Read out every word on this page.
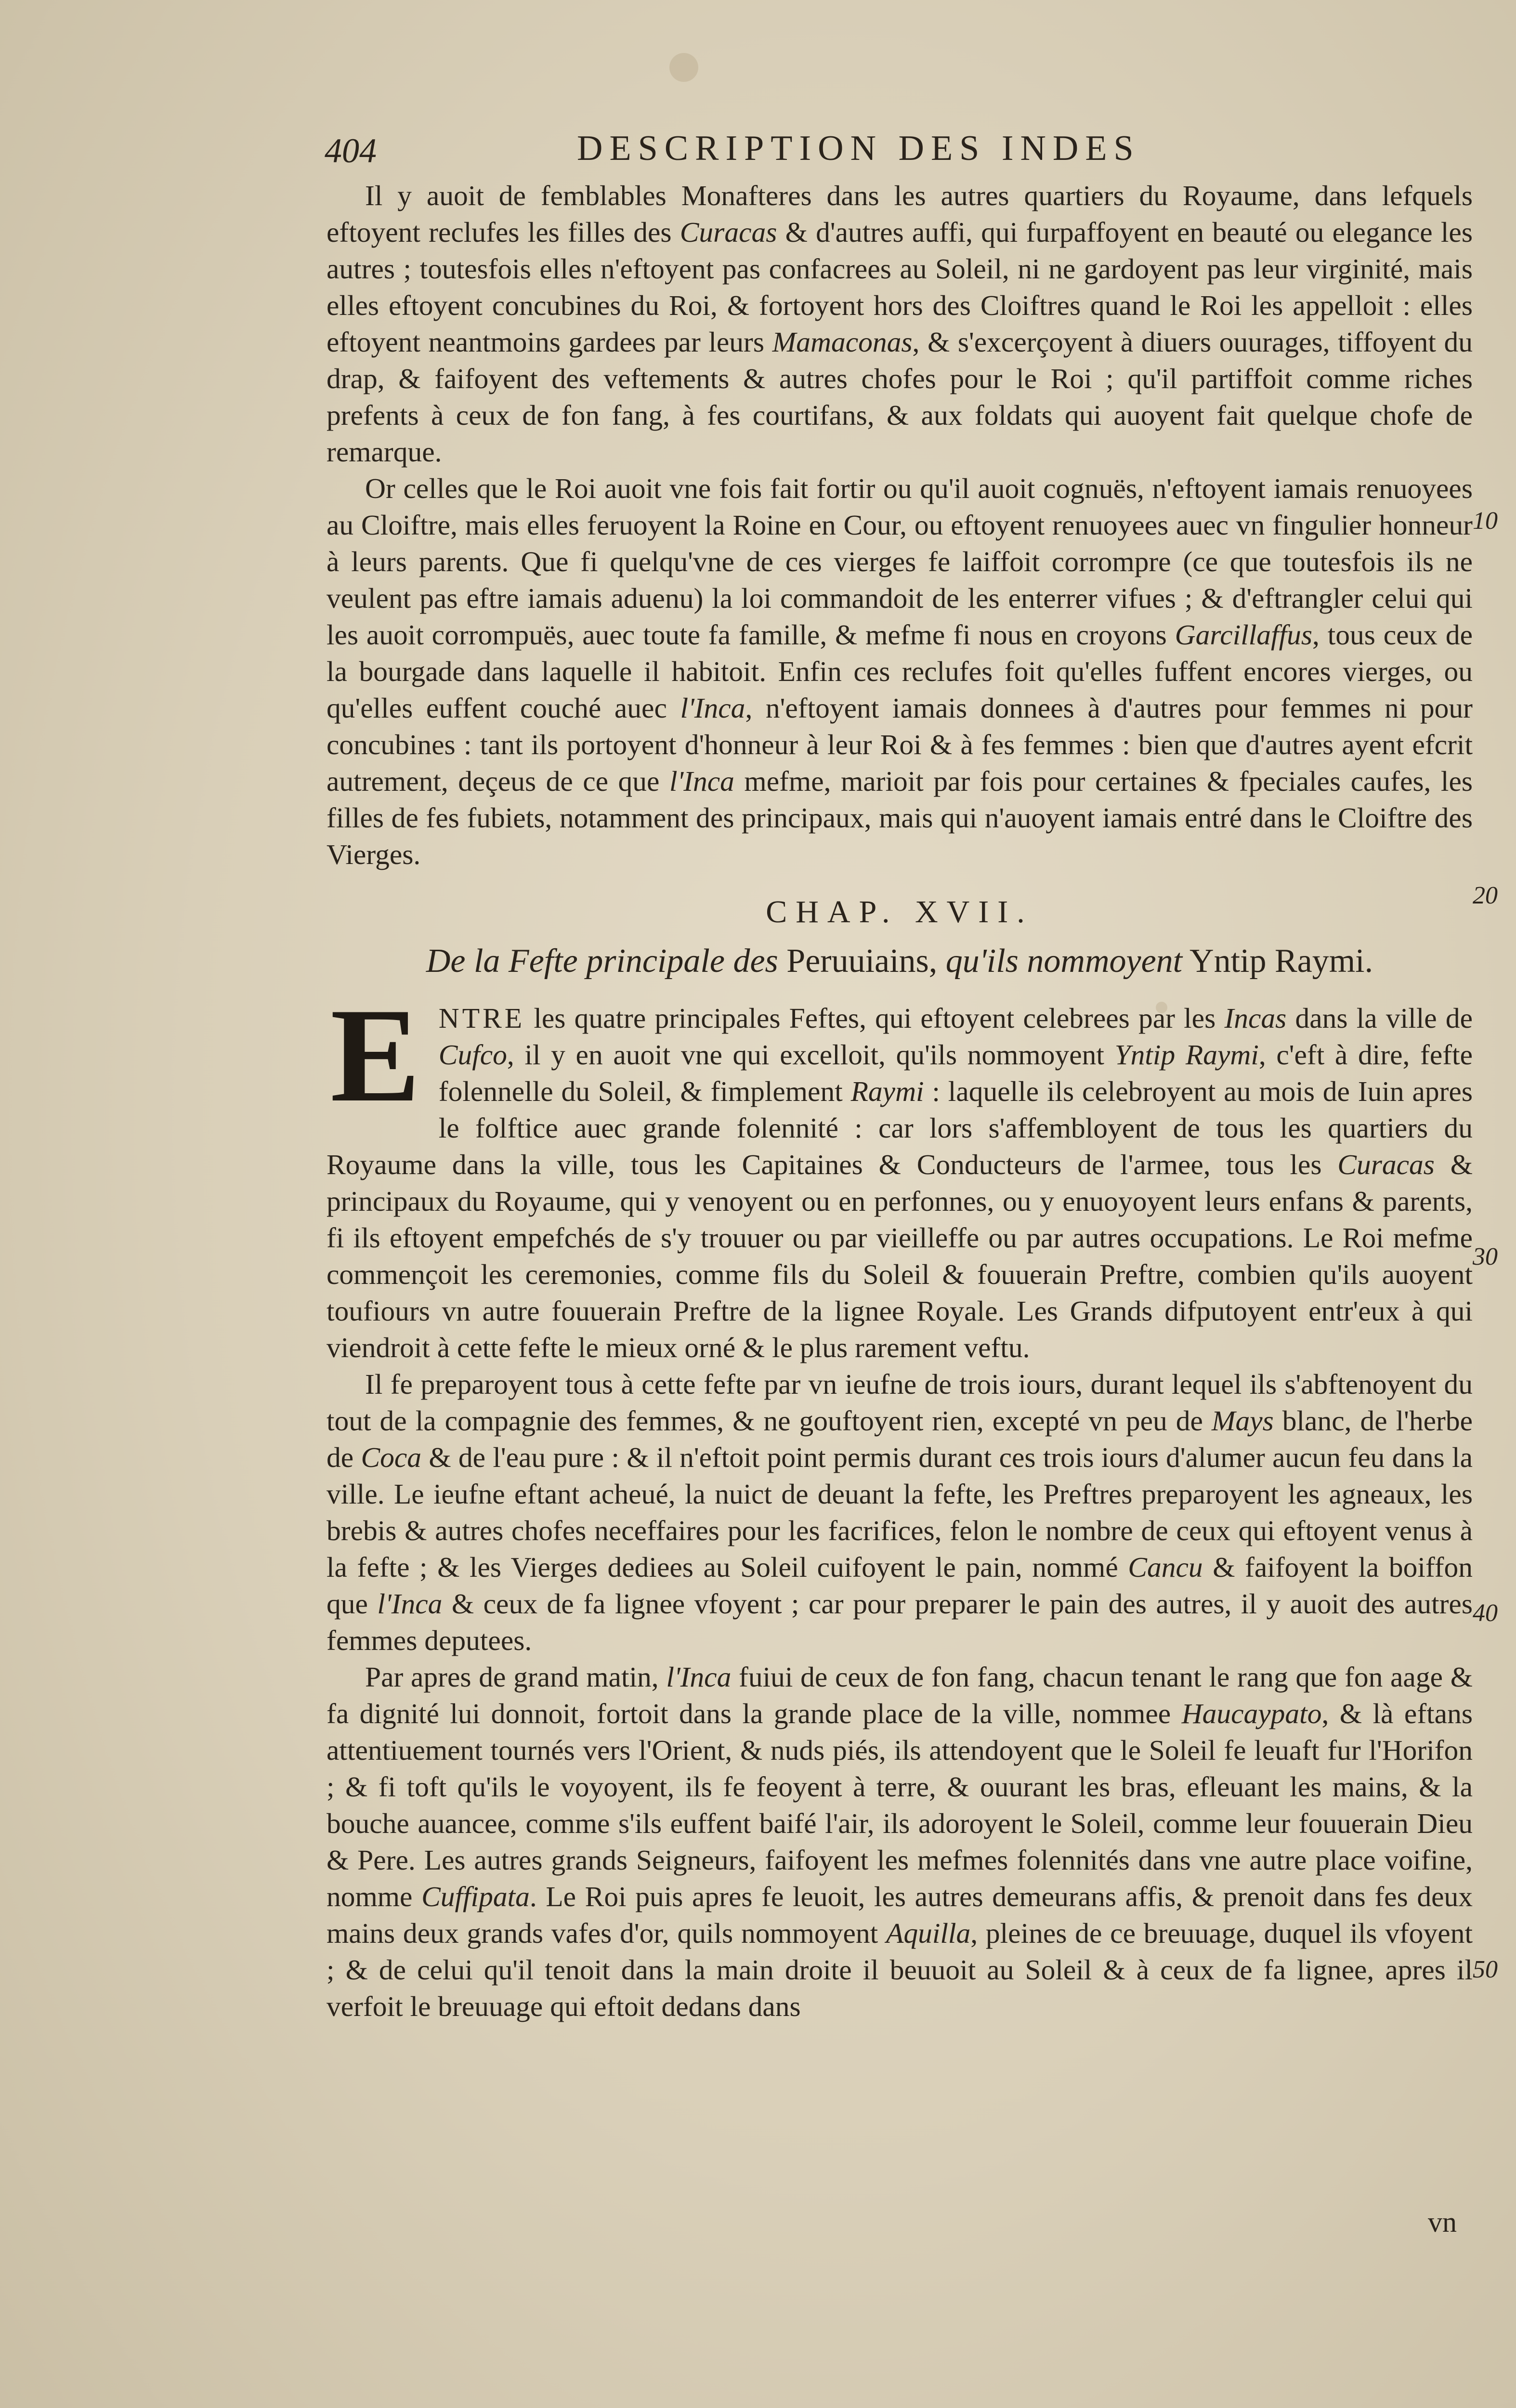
404	DESCRIPTION DES INDES

Il y auoit de femblables Monafteres dans les autres quartiers du Royaume, dans lefquels eftoyent reclufes les filles des Curacas & d'autres auffi, qui furpaffoyent en beauté ou elegance les autres ; toutesfois elles n'eftoyent pas confacrees au Soleil, ni ne gardoyent pas leur virginité, mais elles eftoyent concubines du Roi, & fortoyent hors des Cloiftres quand le Roi les appelloit : elles eftoyent neantmoins gardees par leurs Mamaconas, & s'excerçoyent à diuers ouurages, tiffoyent du drap, & faifoyent des veftements & autres chofes pour le Roi ; qu'il partiffoit comme riches prefents à ceux de fon fang, à fes courtifans, & aux foldats qui auoyent fait quelque chofe de remarque.

Or celles que le Roi auoit vne fois fait fortir ou qu'il auoit cognuës, n'eftoyent iamais renuoyees au Cloiftre, mais elles feruoyent la Roine en Cour, ou eftoyent renuoyees auec vn fingulier honneur à leurs parents. Que fi quelqu'vne de ces vierges fe laiffoit corrompre (ce que toutesfois ils ne veulent pas eftre iamais aduenu) la loi commandoit de les enterrer vifues ; & d'eftrangler celui qui les auoit corrompuës, auec toute fa famille, & mefme fi nous en croyons Garcillaffus, tous ceux de la bourgade dans laquelle il habitoit. Enfin ces reclufes foit qu'elles fuffent encores vierges, ou qu'elles euffent couché auec l'Inca, n'eftoyent iamais donnees à d'autres pour femmes ni pour concubines : tant ils portoyent d'honneur à leur Roi & à fes femmes : bien que d'autres ayent efcrit autrement, deçeus de ce que l'Inca mefme, marioit par fois pour certaines & fpeciales caufes, les filles de fes fubiets, notamment des principaux, mais qui n'auoyent iamais entré dans le Cloiftre des Vierges.

CHAP. XVII.
De la Fefte principale des Peruuiains, qu'ils nommoyent Yntip Raymi.

ENTRE les quatre principales Feftes, qui eftoyent celebrees par les Incas dans la ville de Cufco, il y en auoit vne qui excelloit, qu'ils nommoyent Yntip Raymi, c'eft à dire, fefte folennelle du Soleil, & fimplement Raymi : laquelle ils celebroyent au mois de Iuin apres le folftice auec grande folennité : car lors s'affembloyent de tous les quartiers du Royaume dans la ville, tous les Capitaines & Conducteurs de l'armee, tous les Curacas & principaux du Royaume, qui y venoyent ou en perfonnes, ou y enuoyoyent leurs enfans & parents, fi ils eftoyent empefchés de s'y trouuer ou par vieilleffe ou par autres occupations. Le Roi mefme commençoit les ceremonies, comme fils du Soleil & fouuerain Preftre, combien qu'ils auoyent toufiours vn autre fouuerain Preftre de la lignee Royale. Les Grands difputoyent entr'eux à qui viendroit à cette fefte le mieux orné & le plus rarement veftu.

Il fe preparoyent tous à cette fefte par vn ieufne de trois iours, durant lequel ils s'abftenoyent du tout de la compagnie des femmes, & ne gouftoyent rien, excepté vn peu de Mays blanc, de l'herbe de Coca & de l'eau pure : & il n'eftoit point permis durant ces trois iours d'alumer aucun feu dans la ville. Le ieufne eftant acheué, la nuict de deuant la fefte, les Preftres preparoyent les agneaux, les brebis & autres chofes neceffaires pour les facrifices, felon le nombre de ceux qui eftoyent venus à la fefte ; & les Vierges dediees au Soleil cuifoyent le pain, nommé Cancu & faifoyent la boiffon que l'Inca & ceux de fa lignee vfoyent ; car pour preparer le pain des autres, il y auoit des autres femmes deputees.

Par apres de grand matin, l'Inca fuiui de ceux de fon fang, chacun tenant le rang que fon aage & fa dignité lui donnoit, fortoit dans la grande place de la ville, nommee Haucaypato, & là eftans attentiuement tournés vers l'Orient, & nuds piés, ils attendoyent que le Soleil fe leuaft fur l'Horifon ; & fi toft qu'ils le voyoyent, ils fe feoyent à terre, & ouurant les bras, efleuant les mains, & la bouche auancee, comme s'ils euffent baifé l'air, ils adoroyent le Soleil, comme leur fouuerain Dieu & Pere. Les autres grands Seigneurs, faifoyent les mefmes folennités dans vne autre place voifine, nomme Cuffipata. Le Roi puis apres fe leuoit, les autres demeurans affis, & prenoit dans fes deux mains deux grands vafes d'or, quils nommoyent Aquilla, pleines de ce breuuage, duquel ils vfoyent ; & de celui qu'il tenoit dans la main droite il beuuoit au Soleil & à ceux de fa lignee, apres il verfoit le breuuage qui eftoit dedans dans

10
20
30
40
50
vn
